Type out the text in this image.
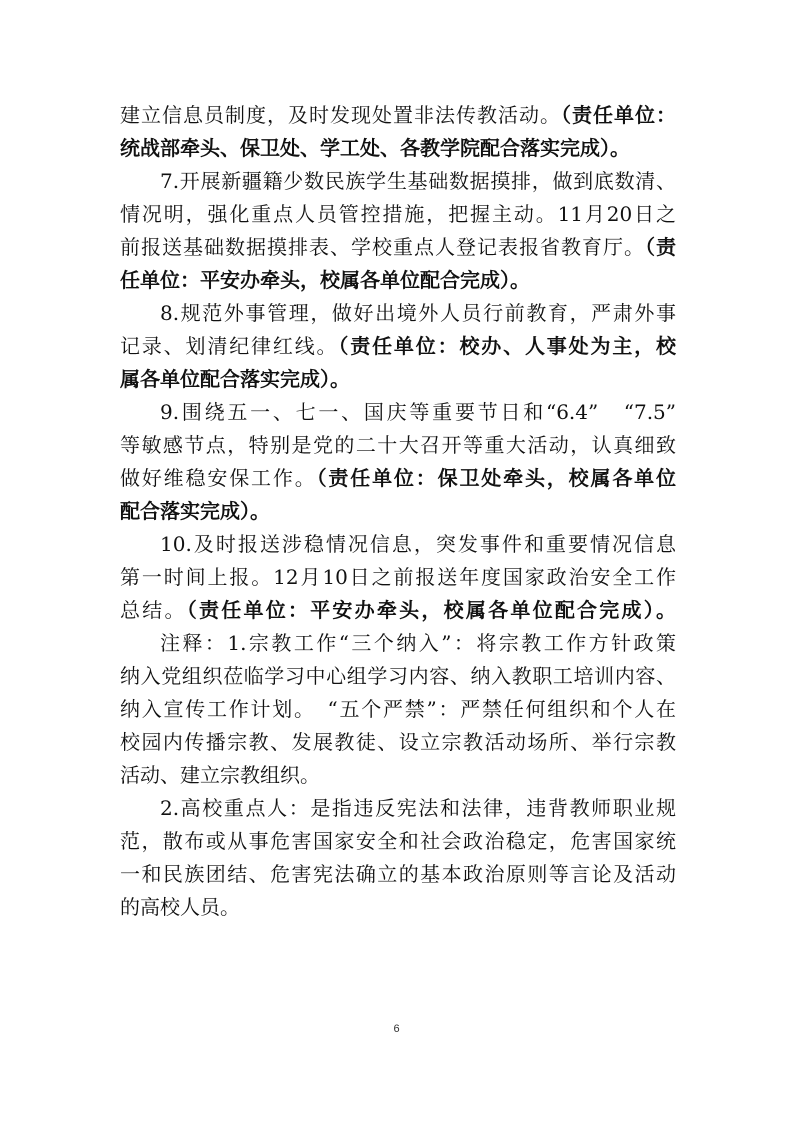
建立信息员制度，及时发现处置非法传教活动。（责任单位：
统战部牵头、保卫处、学工处、各教学院配合落实完成）。
7.开展新疆籍少数民族学生基础数据摸排，做到底数清、
情况明，强化重点人员管控措施，把握主动。11月20日之
前报送基础数据摸排表、学校重点人登记表报省教育厅。（责
任单位：平安办牵头，校属各单位配合完成）。
8.规范外事管理，做好出境外人员行前教育，严肃外事
记录、划清纪律红线。（责任单位：校办、人事处为主，校
属各单位配合落实完成）。
9.围绕五一、七一、国庆等重要节日和“6.4”　“7.5”
等敏感节点，特别是党的二十大召开等重大活动，认真细致
做好维稳安保工作。（责任单位：保卫处牵头，校属各单位
配合落实完成）。
10.及时报送涉稳情况信息，突发事件和重要情况信息
第一时间上报。12月10日之前报送年度国家政治安全工作
总结。（责任单位：平安办牵头，校属各单位配合完成）。
注释：1.宗教工作“三个纳入”：将宗教工作方针政策
纳入党组织莅临学习中心组学习内容、纳入教职工培训内容、
纳入宣传工作计划。　“五个严禁”：严禁任何组织和个人在
校园内传播宗教、发展教徒、设立宗教活动场所、举行宗教
活动、建立宗教组织。
2.高校重点人：是指违反宪法和法律，违背教师职业规
范，散布或从事危害国家安全和社会政治稳定，危害国家统
一和民族团结、危害宪法确立的基本政治原则等言论及活动
的高校人员。
6
